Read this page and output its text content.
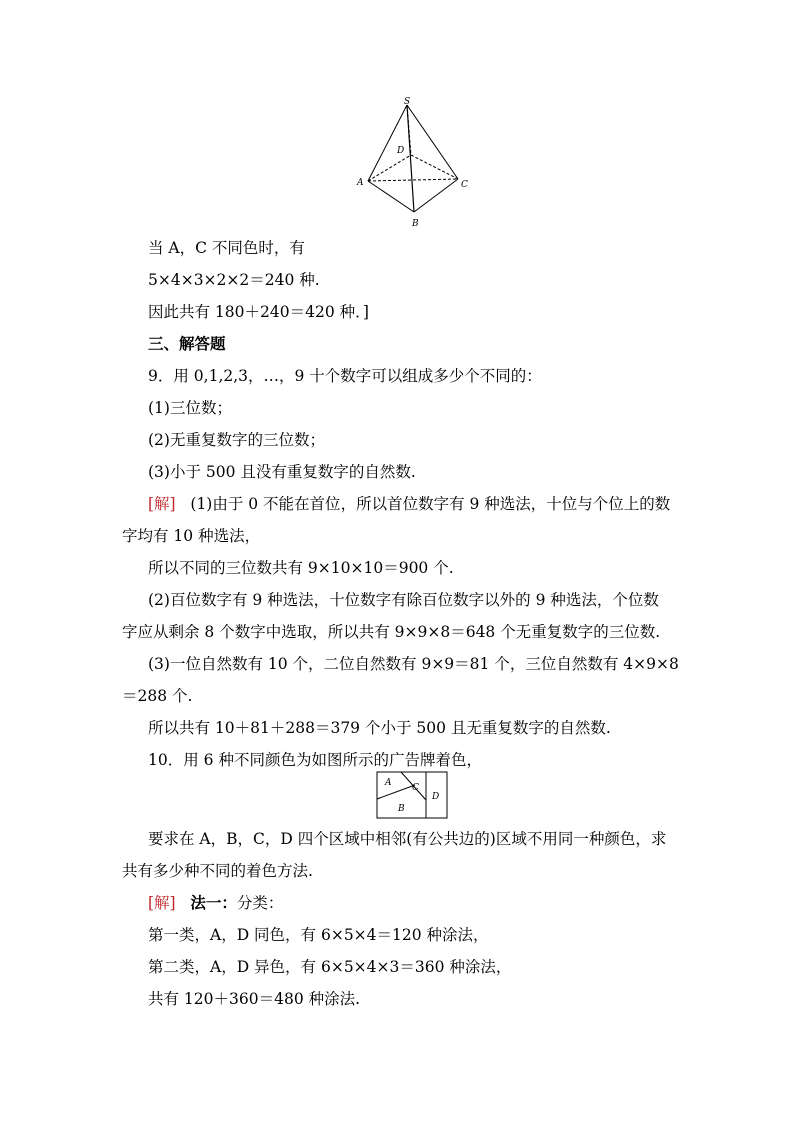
S
D
A	C
B
当 A，C 不同色时，有
5×4×3×2×2＝240 种.
因此共有 180＋240＝420 种．]
三、解答题
9．用 0,1,2,3，…，9 十个数字可以组成多少个不同的：
(1)三位数；
(2)无重复数字的三位数；
(3)小于 500 且没有重复数字的自然数.
[解] (1)由于 0 不能在首位，所以首位数字有 9 种选法，十位与个位上的数
字均有 10 种选法，
所以不同的三位数共有 9×10×10＝900 个.
(2)百位数字有 9 种选法，十位数字有除百位数字以外的 9 种选法，个位数
字应从剩余 8 个数字中选取，所以共有 9×9×8＝648 个无重复数字的三位数.
(3)一位自然数有 10 个，二位自然数有 9×9＝81 个，三位自然数有 4×9×8
＝288 个.
所以共有 10＋81＋288＝379 个小于 500 且无重复数字的自然数.
10．用 6 种不同颜色为如图所示的广告牌着色，
A C
B
D
要求在 A，B，C，D 四个区域中相邻(有公共边的)区域不用同一种颜色，求
共有多少种不同的着色方法.
[解] 法一：分类：
第一类，A，D 同色，有 6×5×4＝120 种涂法，
第二类，A，D 异色，有 6×5×4×3＝360 种涂法，
共有 120＋360＝480 种涂法.
